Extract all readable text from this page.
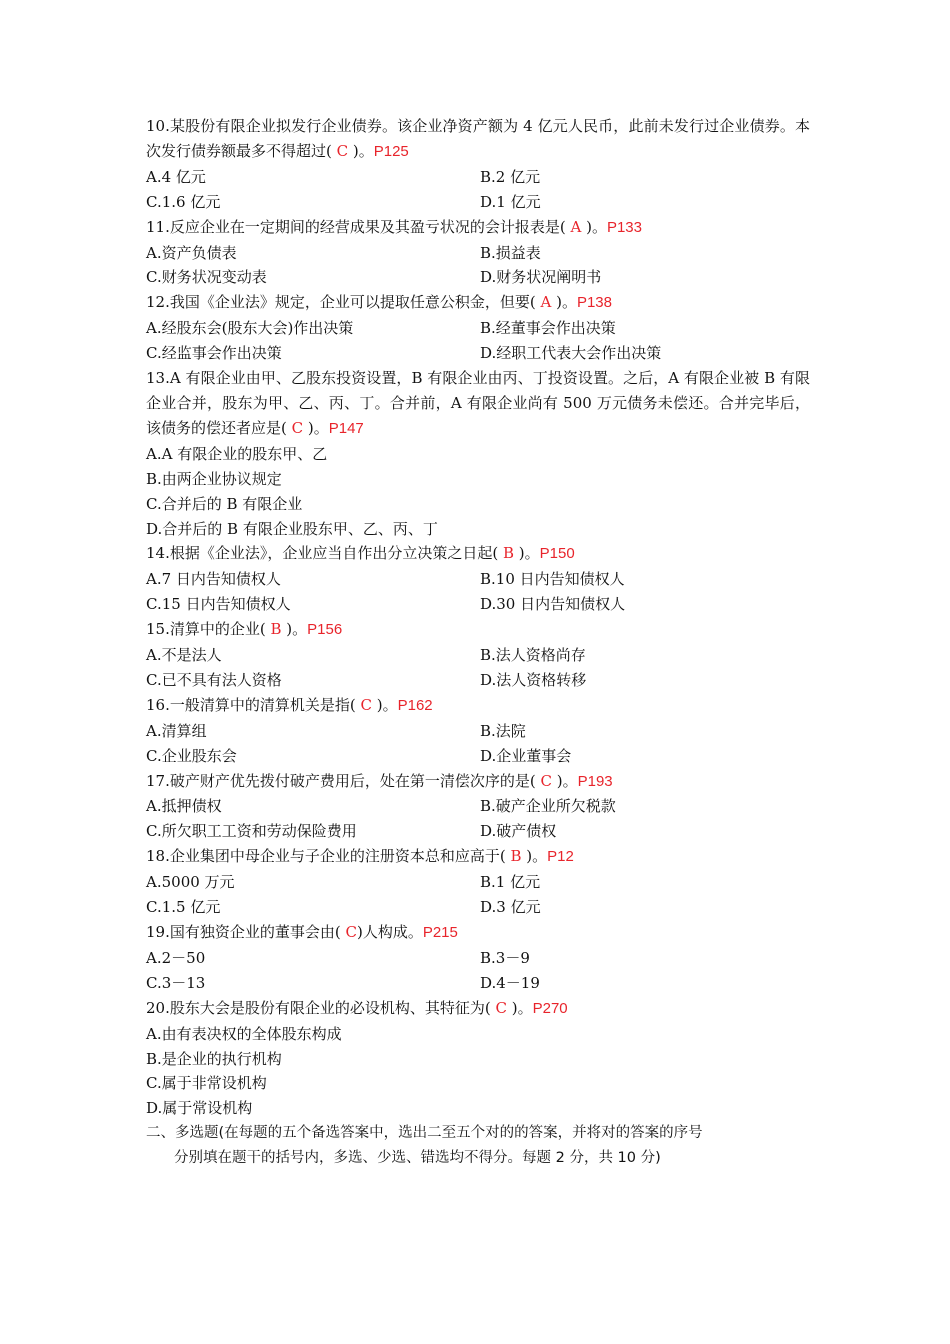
10.某股份有限企业拟发行企业债券。该企业净资产额为 4 亿元人民币，此前未发行过企业债券。本次发行债券额最多不得超过( C )。P125

A.4 亿元	B.2 亿元
C.1.6 亿元	D.1 亿元

11.反应企业在一定期间的经营成果及其盈亏状况的会计报表是( A )。P133

A.资产负债表	B.损益表
C.财务状况变动表	D.财务状况阐明书

12.我国《企业法》规定，企业可以提取任意公积金，但要( A )。P138

A.经股东会(股东大会)作出决策	B.经董事会作出决策
C.经监事会作出决策	D.经职工代表大会作出决策

13.A 有限企业由甲、乙股东投资设置，B 有限企业由丙、丁投资设置。之后，A 有限企业被 B 有限企业合并，股东为甲、乙、丙、丁。合并前，A 有限企业尚有 500 万元债务未偿还。合并完毕后，该债务的偿还者应是( C )。P147

A.A 有限企业的股东甲、乙
B.由两企业协议规定
C.合并后的 B 有限企业
D.合并后的 B 有限企业股东甲、乙、丙、丁

14.根据《企业法》，企业应当自作出分立决策之日起( B )。P150

A.7 日内告知债权人	B.10 日内告知债权人
C.15 日内告知债权人	D.30 日内告知债权人

15.清算中的企业( B )。P156

A.不是法人	B.法人资格尚存
C.已不具有法人资格	D.法人资格转移

16.一般清算中的清算机关是指( C )。P162

A.清算组	B.法院
C.企业股东会	D.企业董事会

17.破产财产优先拨付破产费用后，处在第一清偿次序的是( C )。P193

A.抵押债权	B.破产企业所欠税款
C.所欠职工工资和劳动保险费用	D.破产债权

18.企业集团中母企业与子企业的注册资本总和应高于( B )。P12

A.5000 万元	B.1 亿元
C.1.5 亿元	D.3 亿元

19.国有独资企业的董事会由( C)人构成。P215

A.2－50	B.3－9
C.3－13	D.4－19

20.股东大会是股份有限企业的必设机构、其特征为( C )。P270

A.由有表决权的全体股东构成
B.是企业的执行机构
C.属于非常设机构
D.属于常设机构
二、多选题(在每题的五个备选答案中，选出二至五个对的的答案，并将对的答案的序号
分别填在题干的括号内，多选、少选、错选均不得分。每题 2 分，共 10 分)
